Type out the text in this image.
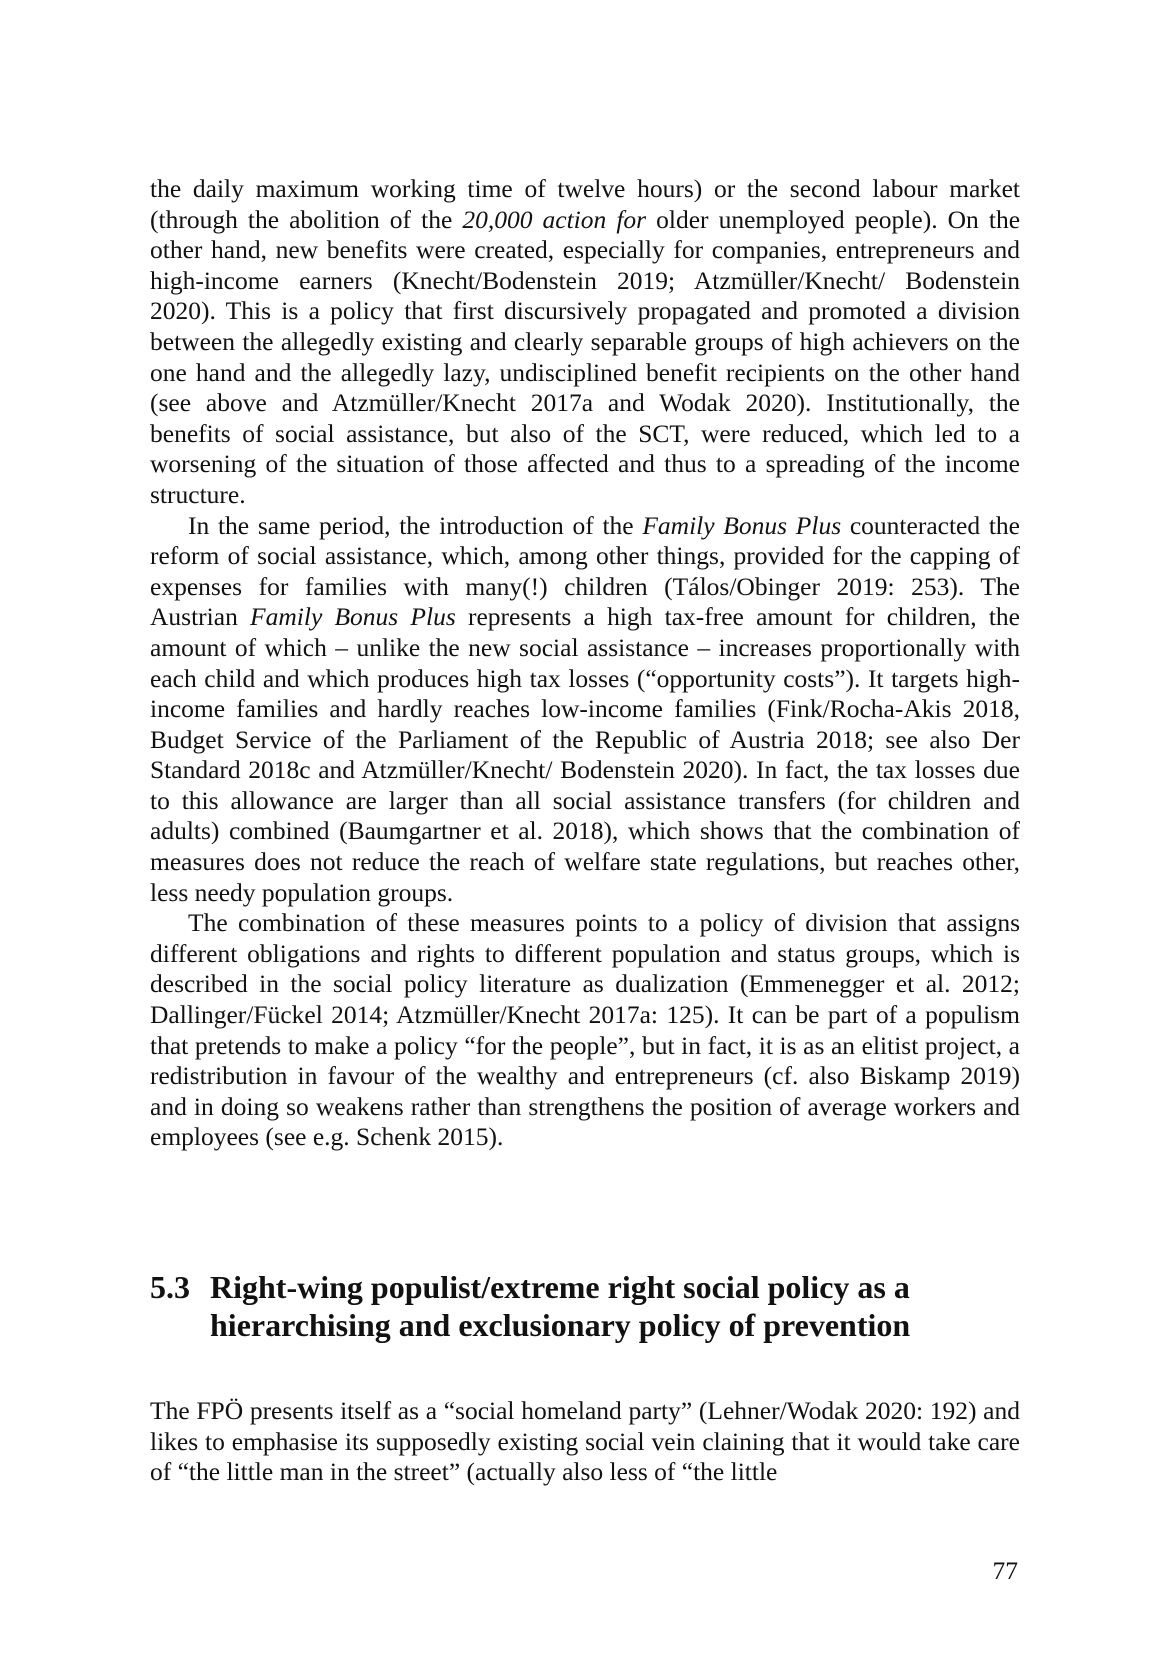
the daily maximum working time of twelve hours) or the second labour market (through the abolition of the 20,000 action for older unemployed people). On the other hand, new benefits were created, especially for companies, entrepreneurs and high-income earners (Knecht/Bodenstein 2019; Atzmüller/Knecht/ Bodenstein 2020). This is a policy that first discursively propagated and promoted a division between the allegedly existing and clearly separable groups of high achievers on the one hand and the allegedly lazy, undisciplined benefit recipients on the other hand (see above and Atzmüller/Knecht 2017a and Wodak 2020). Institutionally, the benefits of social assistance, but also of the SCT, were reduced, which led to a worsening of the situation of those affected and thus to a spreading of the income structure.

In the same period, the introduction of the Family Bonus Plus counteracted the reform of social assistance, which, among other things, provided for the capping of expenses for families with many(!) children (Tálos/Obinger 2019: 253). The Austrian Family Bonus Plus represents a high tax-free amount for children, the amount of which – unlike the new social assistance – increases proportionally with each child and which produces high tax losses (“opportunity costs”). It targets high-income families and hardly reaches low-income families (Fink/Rocha-Akis 2018, Budget Service of the Parliament of the Republic of Austria 2018; see also Der Standard 2018c and Atzmüller/Knecht/ Bodenstein 2020). In fact, the tax losses due to this allowance are larger than all social assistance transfers (for children and adults) combined (Baumgartner et al. 2018), which shows that the combination of measures does not reduce the reach of welfare state regulations, but reaches other, less needy population groups.

The combination of these measures points to a policy of division that assigns different obligations and rights to different population and status groups, which is described in the social policy literature as dualization (Emmenegger et al. 2012; Dallinger/Fückel 2014; Atzmüller/Knecht 2017a: 125). It can be part of a populism that pretends to make a policy “for the people”, but in fact, it is as an elitist project, a redistribution in favour of the wealthy and entrepreneurs (cf. also Biskamp 2019) and in doing so weakens rather than strengthens the position of average workers and employees (see e.g. Schenk 2015).

5.3 Right-wing populist/extreme right social policy as a hierarchising and exclusionary policy of prevention

The FPÖ presents itself as a “social homeland party” (Lehner/Wodak 2020: 192) and likes to emphasise its supposedly existing social vein claining that it would take care of “the little man in the street” (actually also less of “the little

77
